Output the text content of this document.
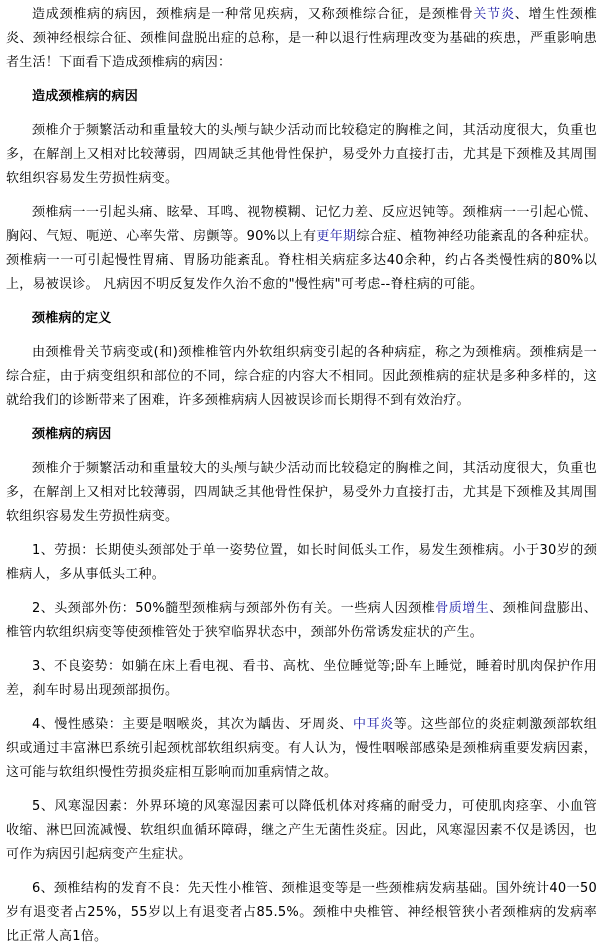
造成颈椎病的病因，颈椎病是一种常见疾病，又称颈椎综合征，是颈椎骨关节炎、增生性颈椎炎、颈神经根综合征、颈椎间盘脱出症的总称，是一种以退行性病理改变为基础的疾患，严重影响患者生活！下面看下造成颈椎病的病因：

造成颈椎病的病因

颈椎介于频繁活动和重量较大的头颅与缺少活动而比较稳定的胸椎之间，其活动度很大，负重也多，在解剖上又相对比较薄弱，四周缺乏其他骨性保护，易受外力直接打击，尤其是下颈椎及其周围软组织容易发生劳损性病变。

颈椎病一一引起头痛、眩晕、耳鸣、视物模糊、记忆力差、反应迟钝等。颈椎病一一引起心慌、胸闷、气短、呃逆、心率失常、房颤等。90%以上有更年期综合症、植物神经功能紊乱的各种症状。颈椎病一一可引起慢性胃痛、胃肠功能紊乱。脊柱相关病症多达40余种，约占各类慢性病的80%以上，易被误诊。 凡病因不明反复发作久治不愈的"慢性病"可考虑--脊柱病的可能。

颈椎病的定义

由颈椎骨关节病变或(和)颈椎椎管内外软组织病变引起的各种病症，称之为颈椎病。颈椎病是一综合症，由于病变组织和部位的不同，综合症的内容大不相同。因此颈椎病的症状是多种多样的，这就给我们的诊断带来了困难，许多颈椎病病人因被误诊而长期得不到有效治疗。

颈椎病的病因

颈椎介于频繁活动和重量较大的头颅与缺少活动而比较稳定的胸椎之间，其活动度很大，负重也多，在解剖上又相对比较薄弱，四周缺乏其他骨性保护，易受外力直接打击，尤其是下颈椎及其周围软组织容易发生劳损性病变。

1、劳损：长期使头颈部处于单一姿势位置，如长时间低头工作，易发生颈椎病。小于30岁的颈椎病人，多从事低头工种。

2、头颈部外伤：50%髓型颈椎病与颈部外伤有关。一些病人因颈椎骨质增生、颈椎间盘膨出、椎管内软组织病变等使颈椎管处于狭窄临界状态中，颈部外伤常诱发症状的产生。

3、不良姿势：如躺在床上看电视、看书、高枕、坐位睡觉等;卧车上睡觉，睡着时肌肉保护作用差，刹车时易出现颈部损伤。

4、慢性感染：主要是咽喉炎，其次为龋齿、牙周炎、中耳炎等。这些部位的炎症刺激颈部软组织或通过丰富淋巴系统引起颈枕部软组织病变。有人认为，慢性咽喉部感染是颈椎病重要发病因素，这可能与软组织慢性劳损炎症相互影响而加重病情之故。

5、风寒湿因素：外界环境的风寒湿因素可以降低机体对疼痛的耐受力，可使肌肉痉挛、小血管收缩、淋巴回流减慢、软组织血循环障碍，继之产生无菌性炎症。因此，风寒湿因素不仅是诱因，也可作为病因引起病变产生症状。

6、颈椎结构的发育不良：先天性小椎管、颈椎退变等是一些颈椎病发病基础。国外统计40一50岁有退变者占25%，55岁以上有退变者占85.5%。颈椎中央椎管、神经根管狭小者颈椎病的发病率比正常人高1倍。
